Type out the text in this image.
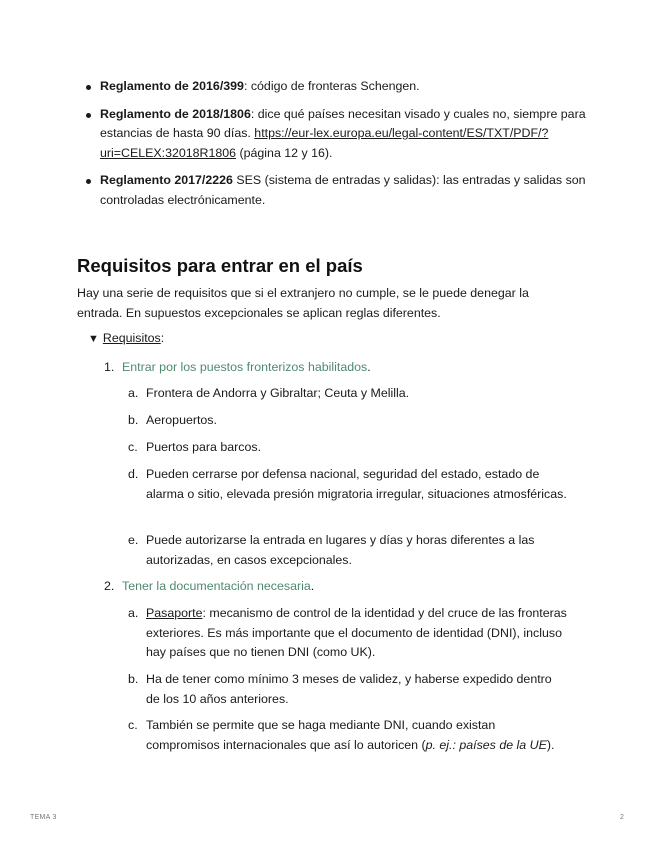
Reglamento de 2016/399: código de fronteras Schengen.
Reglamento de 2018/1806: dice qué países necesitan visado y cuales no, siempre para estancias de hasta 90 días. https://eur-lex.europa.eu/legal-content/ES/TXT/PDF/?uri=CELEX:32018R1806 (página 12 y 16).
Reglamento 2017/2226 SES (sistema de entradas y salidas): las entradas y salidas son controladas electrónicamente.
Requisitos para entrar en el país

Hay una serie de requisitos que si el extranjero no cumple, se le puede denegar la entrada. En supuestos excepcionales se aplican reglas diferentes.

▼ Requisitos:
1. Entrar por los puestos fronterizos habilitados.
a. Frontera de Andorra y Gibraltar; Ceuta y Melilla.
b. Aeropuertos.
c. Puertos para barcos.
d. Pueden cerrarse por defensa nacional, seguridad del estado, estado de alarma o sitio, elevada presión migratoria irregular, situaciones atmosféricas.
e. Puede autorizarse la entrada en lugares y días y horas diferentes a las autorizadas, en casos excepcionales.
2. Tener la documentación necesaria.
a. Pasaporte: mecanismo de control de la identidad y del cruce de las fronteras exteriores. Es más importante que el documento de identidad (DNI), incluso hay países que no tienen DNI (como UK).
b. Ha de tener como mínimo 3 meses de validez, y haberse expedido dentro de los 10 años anteriores.
c. También se permite que se haga mediante DNI, cuando existan compromisos internacionales que así lo autoricen (p. ej.: países de la UE).
TEMA 3	2
